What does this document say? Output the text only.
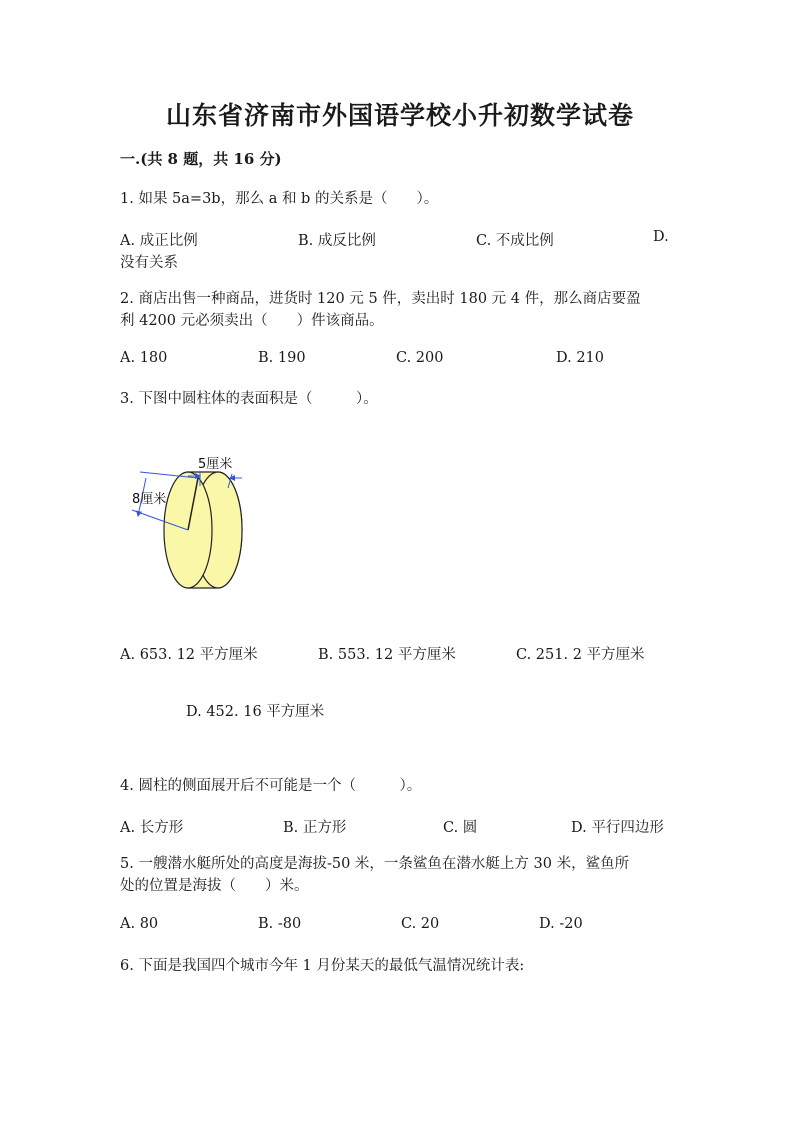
山东省济南市外国语学校小升初数学试卷
一.(共 8 题，共 16 分)
1. 如果 5a=3b，那么 a 和 b 的关系是（　　）。
A. 成正比例	B. 成反比例	C. 不成比例	D.
没有关系
2. 商店出售一种商品，进货时 120 元 5 件，卖出时 180 元 4 件，那么商店要盈
利 4200 元必须卖出（　　）件该商品。
A. 180	B. 190	C. 200	D. 210
3. 下图中圆柱体的表面积是（　　　）。
5厘米
8厘米
A. 653. 12 平方厘米	B. 553. 12 平方厘米	C. 251. 2 平方厘米
D. 452. 16 平方厘米
4. 圆柱的侧面展开后不可能是一个（　　　）。
A. 长方形	B. 正方形	C. 圆	D. 平行四边形
5. 一艘潜水艇所处的高度是海拔-50 米，一条鲨鱼在潜水艇上方 30 米，鲨鱼所
处的位置是海拔（　　）米。
A. 80	B. -80	C. 20	D. -20
6. 下面是我国四个城市今年 1 月份某天的最低气温情况统计表:
